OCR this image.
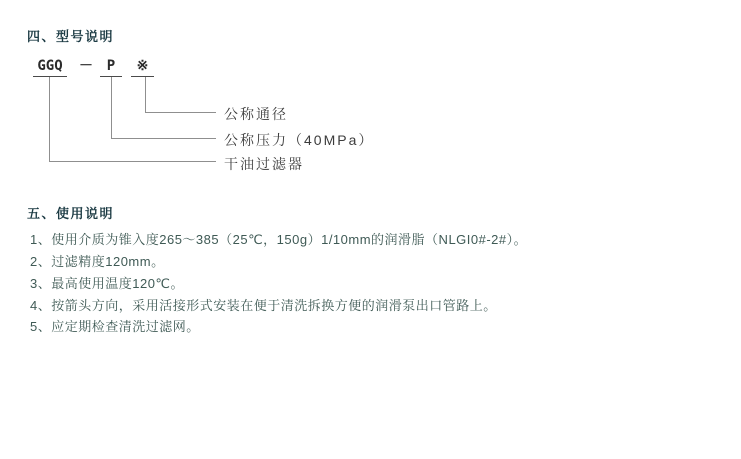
四、型号说明
GGQ	－ P	※
公称通径
公称压力（40MPa）
干油过滤器
五、使用说明
1、使用介质为锥入度265～385（25℃，150g）1/10mm的润滑脂（NLGI0#-2#）。
2、过滤精度120mm。
3、最高使用温度120℃。
4、按箭头方向，采用活接形式安装在便于清洗拆换方便的润滑泵出口管路上。
5、应定期检查清洗过滤网。
